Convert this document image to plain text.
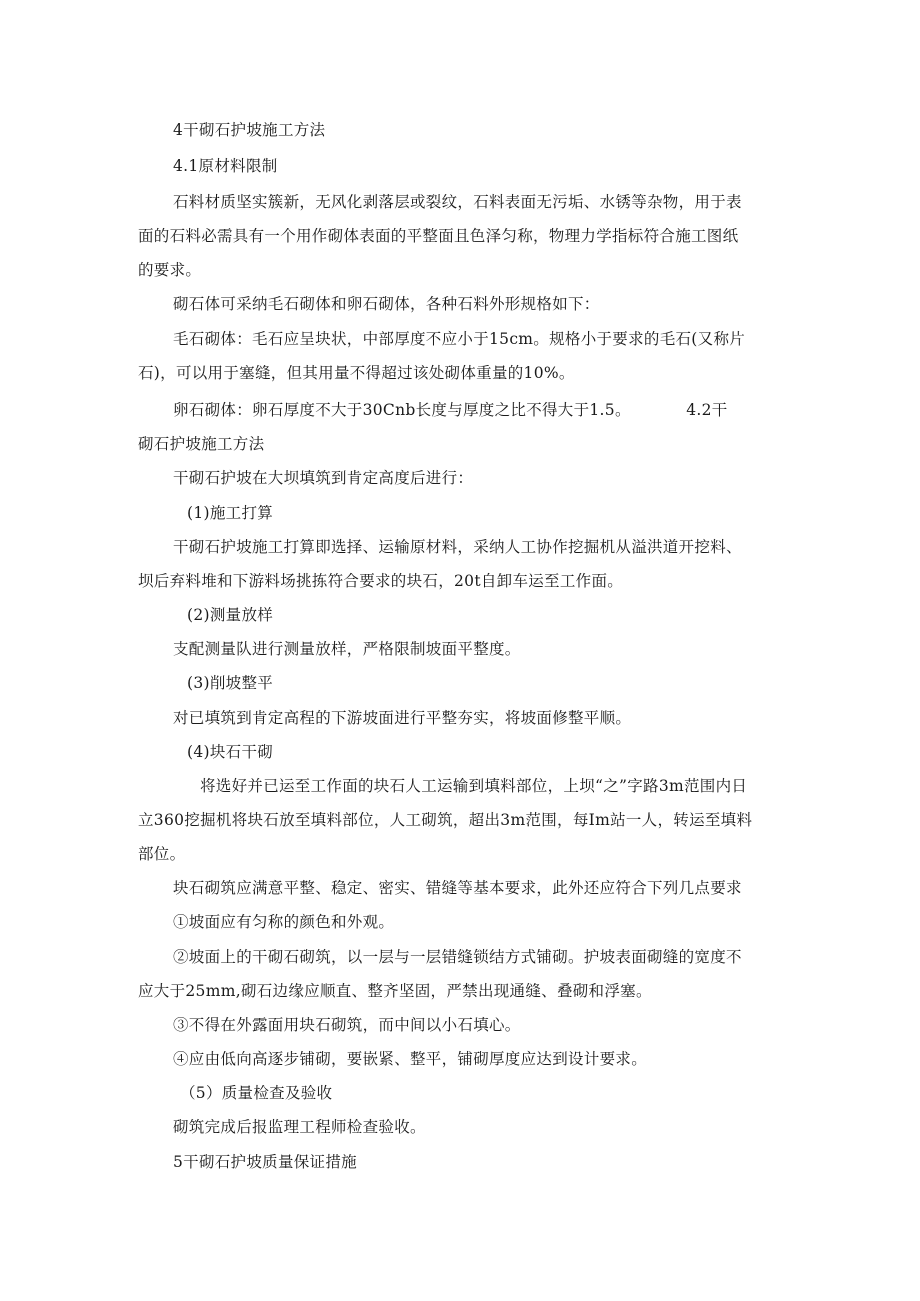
4干砌石护坡施工方法
4.1原材料限制
石料材质坚实簇新，无风化剥落层或裂纹，石料表面无污垢、水锈等杂物，用于表
面的石料必需具有一个用作砌体表面的平整面且色泽匀称，物理力学指标符合施工图纸
的要求。
砌石体可采纳毛石砌体和卵石砌体，各种石料外形规格如下：
毛石砌体：毛石应呈块状，中部厚度不应小于15cm。规格小于要求的毛石(又称片
石)，可以用于塞缝，但其用量不得超过该处砌体重量的10%。
卵石砌体：卵石厚度不大于30Cnb长度与厚度之比不得大于1.5。　　　　4.2干
砌石护坡施工方法
干砌石护坡在大坝填筑到肯定高度后进行：
(1)施工打算
干砌石护坡施工打算即选择、运输原材料，采纳人工协作挖掘机从溢洪道开挖料、
坝后弃料堆和下游料场挑拣符合要求的块石，20t自卸车运至工作面。
(2)测量放样
支配测量队进行测量放样，严格限制坡面平整度。
(3)削坡整平
对已填筑到肯定高程的下游坡面进行平整夯实，将坡面修整平顺。
(4)块石干砌
将选好并已运至工作面的块石人工运输到填料部位，上坝“之”字路3m范围内日
立360挖掘机将块石放至填料部位，人工砌筑，超出3m范围，每Im站一人，转运至填料
部位。
块石砌筑应满意平整、稳定、密实、错缝等基本要求，此外还应符合下列几点要求
①坡面应有匀称的颜色和外观。
②坡面上的干砌石砌筑，以一层与一层错缝锁结方式铺砌。护坡表面砌缝的宽度不
应大于25mm,砌石边缘应顺直、整齐坚固，严禁出现通缝、叠砌和浮塞。
③不得在外露面用块石砌筑，而中间以小石填心。
④应由低向高逐步铺砌，要嵌紧、整平，铺砌厚度应达到设计要求。
（5）质量检查及验收
砌筑完成后报监理工程师检查验收。
5干砌石护坡质量保证措施
